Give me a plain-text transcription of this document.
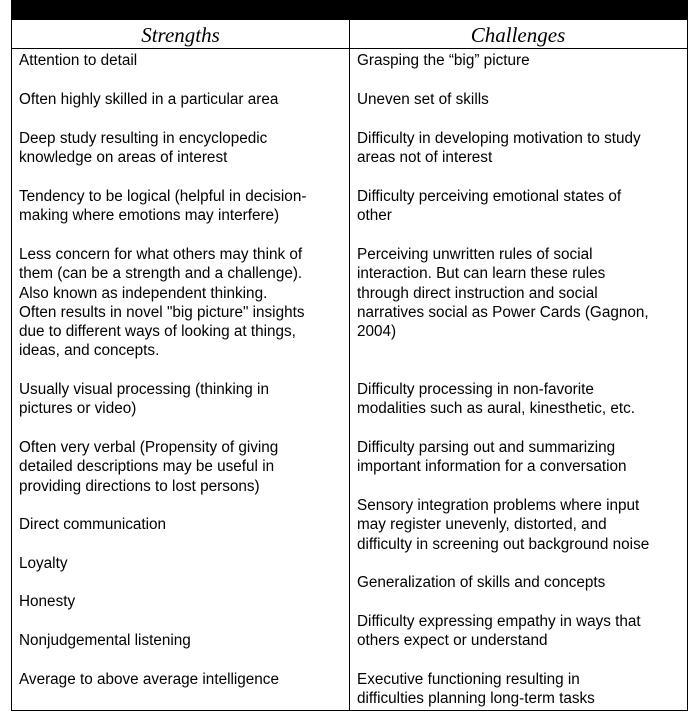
Strengths	Challenges
Attention to detail
Often highly skilled in a particular area
Deep study resulting in encyclopedic
knowledge on areas of interest
Tendency to be logical (helpful in decision-
making where emotions may interfere)
Less concern for what others may think of
them (can be a strength and a challenge).
Also known as independent thinking.
Often results in novel "big picture" insights
due to different ways of looking at things,
ideas, and concepts.
Usually visual processing (thinking in
pictures or video)
Often very verbal (Propensity of giving
detailed descriptions may be useful in
providing directions to lost persons)
Direct communication
Loyalty
Honesty
Nonjudgemental listening
Average to above average intelligence
Grasping the “big” picture
Uneven set of skills
Difficulty in developing motivation to study
areas not of interest
Difficulty perceiving emotional states of
other
Perceiving unwritten rules of social
interaction. But can learn these rules
through direct instruction and social
narratives social as Power Cards (Gagnon,
2004)
Difficulty processing in non-favorite
modalities such as aural, kinesthetic, etc.
Difficulty parsing out and summarizing
important information for a conversation
Sensory integration problems where input
may register unevenly, distorted, and
difficulty in screening out background noise
Generalization of skills and concepts
Difficulty expressing empathy in ways that
others expect or understand
Executive functioning resulting in
difficulties planning long-term tasks
